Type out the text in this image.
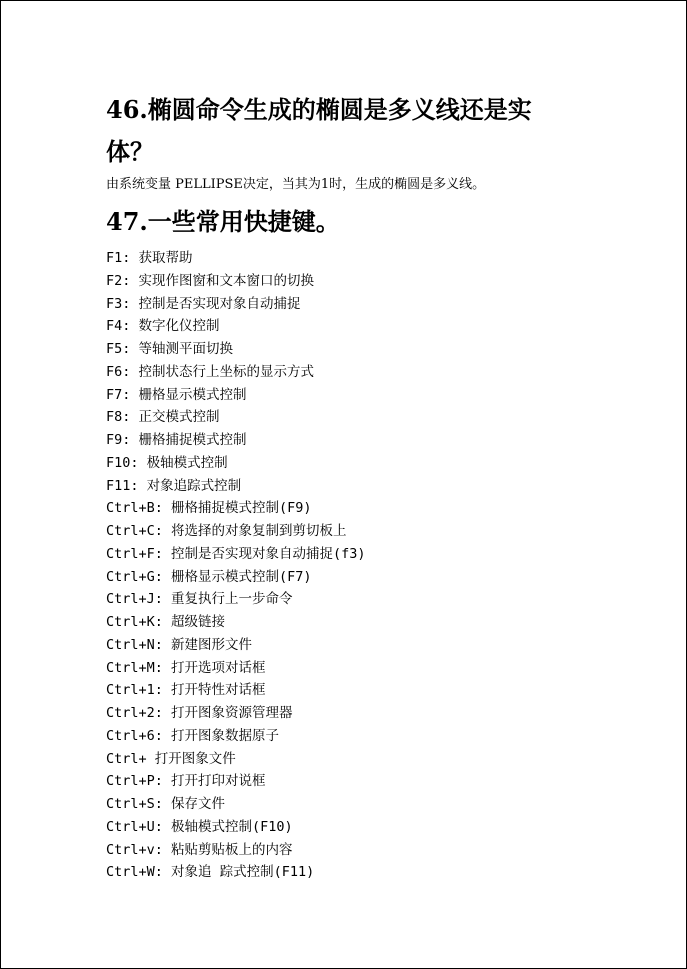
46.椭圆命令生成的椭圆是多义线还是实
体？

由系统变量 PELLIPSE决定，当其为1时，生成的椭圆是多义线。

47.一些常用快捷键。
F1: 获取帮助
F2: 实现作图窗和文本窗口的切换
F3: 控制是否实现对象自动捕捉
F4: 数字化仪控制
F5: 等轴测平面切换
F6: 控制状态行上坐标的显示方式
F7: 栅格显示模式控制
F8: 正交模式控制
F9: 栅格捕捉模式控制
F10: 极轴模式控制
F11: 对象追踪式控制
Ctrl+B: 栅格捕捉模式控制(F9)
Ctrl+C: 将选择的对象复制到剪切板上
Ctrl+F: 控制是否实现对象自动捕捉(f3)
Ctrl+G: 栅格显示模式控制(F7)
Ctrl+J: 重复执行上一步命令
Ctrl+K: 超级链接
Ctrl+N: 新建图形文件
Ctrl+M: 打开选项对话框
Ctrl+1: 打开特性对话框
Ctrl+2: 打开图象资源管理器
Ctrl+6: 打开图象数据原子
Ctrl+ 打开图象文件
Ctrl+P: 打开打印对说框
Ctrl+S: 保存文件
Ctrl+U: 极轴模式控制(F10)
Ctrl+v: 粘贴剪贴板上的内容
Ctrl+W: 对象追 踪式控制(F11)
